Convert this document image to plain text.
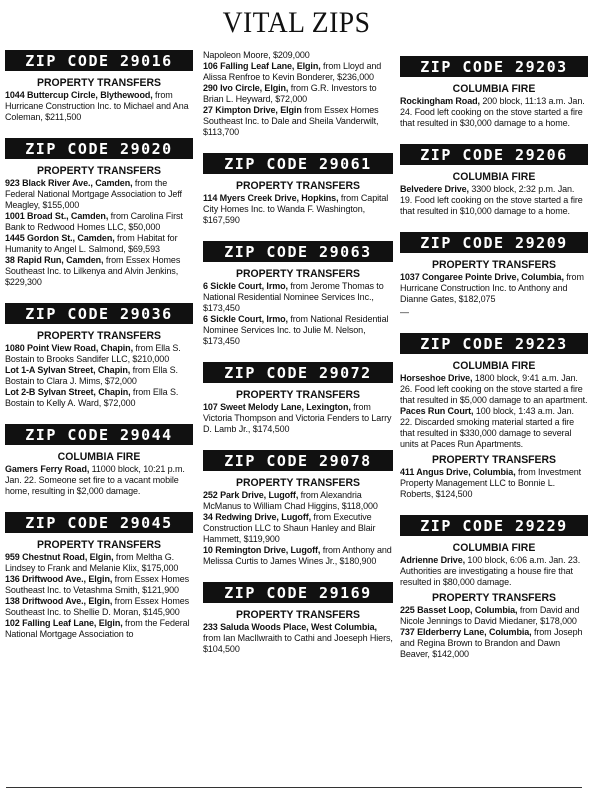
VITAL ZIPS
ZIP CODE 29016
PROPERTY TRANSFERS
1044 Buttercup Circle, Blythewood, from Hurricane Construction Inc. to Michael and Ana Coleman, $211,500
ZIP CODE 29020
PROPERTY TRANSFERS
923 Black River Ave., Camden, from the Federal National Mortgage Association to Jeff Meagley, $155,000
1001 Broad St., Camden, from Carolina First Bank to Redwood Homes LLC, $50,000
1445 Gordon St., Camden, from Habitat for Humanity to Angel L. Salmond, $69,593
38 Rapid Run, Camden, from Essex Homes Southeast Inc. to Lilkenya and Alvin Jenkins, $229,300
ZIP CODE 29036
PROPERTY TRANSFERS
1080 Point View Road, Chapin, from Ella S. Bostain to Brooks Sandifer LLC, $210,000
Lot 1-A Sylvan Street, Chapin, from Ella S. Bostain to Clara J. Mims, $72,000
Lot 2-B Sylvan Street, Chapin, from Ella S. Bostain to Kelly A. Ward, $72,000
ZIP CODE 29044
COLUMBIA FIRE
Gamers Ferry Road, 11000 block, 10:21 p.m. Jan. 22. Someone set fire to a vacant mobile home, resulting in $2,000 damage.
ZIP CODE 29045
PROPERTY TRANSFERS
959 Chestnut Road, Elgin, from Meltha G. Lindsey to Frank and Melanie Klix, $175,000
136 Driftwood Ave., Elgin, from Essex Homes Southeast Inc. to Vetashma Smith, $121,900
138 Driftwood Ave., Elgin, from Essex Homes Southeast Inc. to Shellie D. Moran, $145,900
102 Falling Leaf Lane, Elgin, from the Federal National Mortgage Association to
Napoleon Moore, $209,000
106 Falling Leaf Lane, Elgin, from Lloyd and Alissa Renfroe to Kevin Bonderer, $236,000
290 Ivo Circle, Elgin, from G.R. Investors to Brian L. Heyward, $72,000
27 Kimpton Drive, Elgin from Essex Homes Southeast Inc. to Dale and Sheila Vanderwilt, $113,700
ZIP CODE 29061
PROPERTY TRANSFERS
114 Myers Creek Drive, Hopkins, from Capital City Homes Inc. to Wanda F. Washington, $167,590
ZIP CODE 29063
PROPERTY TRANSFERS
6 Sickle Court, Irmo, from Jerome Thomas to National Residential Nominee Services Inc., $173,450
6 Sickle Court, Irmo, from National Residential Nominee Services Inc. to Julie M. Nelson, $173,450
ZIP CODE 29072
PROPERTY TRANSFERS
107 Sweet Melody Lane, Lexington, from Victoria Thompson and Victoria Fenders to Larry D. Lamb Jr., $174,500
ZIP CODE 29078
PROPERTY TRANSFERS
252 Park Drive, Lugoff, from Alexandria McManus to William Chad Higgins, $118,000
34 Redwing Drive, Lugoff, from Executive Construction LLC to Shaun Hanley and Blair Hammett, $119,900
10 Remington Drive, Lugoff, from Anthony and Melissa Curtis to James Wines Jr., $180,900
ZIP CODE 29169
PROPERTY TRANSFERS
233 Saluda Woods Place, West Columbia, from Ian MacIlwraith to Cathi and Joeseph Hiers, $104,500
ZIP CODE 29203
COLUMBIA FIRE
Rockingham Road, 200 block, 11:13 a.m. Jan. 24. Food left cooking on the stove started a fire that resulted in $30,000 damage to a home.
ZIP CODE 29206
COLUMBIA FIRE
Belvedere Drive, 3300 block, 2:32 p.m. Jan. 19. Food left cooking on the stove started a fire that resulted in $10,000 damage to a home.
ZIP CODE 29209
PROPERTY TRANSFERS
1037 Congaree Pointe Drive, Columbia, from Hurricane Construction Inc. to Anthony and Dianne Gates, $182,075
—
ZIP CODE 29223
COLUMBIA FIRE
Horseshoe Drive, 1800 block, 9:41 a.m. Jan. 26. Food left cooking on the stove started a fire that resulted in $5,000 damage to an apartment.
Paces Run Court, 100 block, 1:43 a.m. Jan. 22. Discarded smoking material started a fire that resulted in $330,000 damage to several units at Paces Run Apartments.
PROPERTY TRANSFERS
411 Angus Drive, Columbia, from Investment Property Management LLC to Bonnie L. Roberts, $124,500
ZIP CODE 29229
COLUMBIA FIRE
Adrienne Drive, 100 block, 6:06 a.m. Jan. 23. Authorities are investigating a house fire that resulted in $80,000 damage.
PROPERTY TRANSFERS
225 Basset Loop, Columbia, from David and Nicole Jennings to David Miedaner, $178,000
737 Elderberry Lane, Columbia, from Joseph and Regina Brown to Brandon and Dawn Beaver, $142,000
